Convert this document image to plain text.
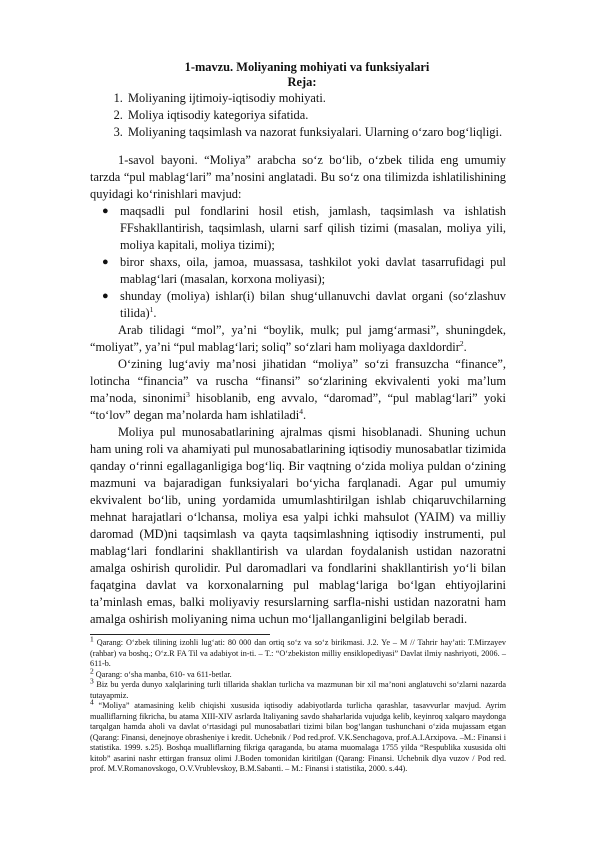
1-mavzu. Moliyaning mohiyati va funksiyalari
Reja:
1. Moliyaning ijtimoiy-iqtisodiy mohiyati.
2. Moliya iqtisodiy kategoriya sifatida.
3. Moliyaning taqsimlash va nazorat funksiyalari. Ularning o‘zaro bog‘liqligi.

1-savol bayoni. “Moliya” arabcha so‘z bo‘lib, o‘zbek tilida eng umumiy tarzda “pul mablag‘lari” ma’nosini anglatadi. Bu so‘z ona tilimizda ishlatilishining quyidagi ko‘rinishlari mavjud:

● maqsadli pul fondlarini hosil etish, jamlash, taqsimlash va ishlatish FFshakllantirish, taqsimlash, ularni sarf qilish tizimi (masalan, moliya yili, moliya kapitali, moliya tizimi);
● biror shaxs, oila, jamoa, muassasa, tashkilot yoki davlat tasarrufidagi pul mablag‘lari (masalan, korxona moliyasi);
● shunday (moliya) ishlar(i) bilan shug‘ullanuvchi davlat organi (so‘zlashuv tilida)$^1$.

Arab tilidagi “mol”, ya’ni “boylik, mulk; pul jamg‘armasi”, shuningdek, “moliyat”, ya’ni “pul mablag‘lari; soliq” so‘zlari ham moliyaga daxldordir$^2$.

O‘zining lug‘aviy ma’nosi jihatidan “moliya” so‘zi fransuzcha “finance”, lotincha “financia” va ruscha “finansi” so‘zlarining ekvivalenti yoki ma’lum ma’noda, sinonimi$^3$ hisoblanib, eng avvalo, “daromad”, “pul mablag‘lari” yoki “to‘lov” degan ma’nolarda ham ishlatiladi$^4$.

Moliya pul munosabatlarining ajralmas qismi hisoblanadi. Shuning uchun ham uning roli va ahamiyati pul munosabatlarining iqtisodiy munosabatlar tizimida qanday o‘rinni egallaganligiga bog‘liq. Bir vaqtning o‘zida moliya puldan o‘zining mazmuni va bajaradigan funksiyalari bo‘yicha farqlanadi. Agar pul umumiy ekvivalent bo‘lib, uning yordamida umumlashtirilgan ishlab chiqaruvchilarning mehnat harajatlari o‘lchansa, moliya esa yalpi ichki mahsulot (YAIM) va milliy daromad (MD)ni taqsimlash va qayta taqsimlashning iqtisodiy instrumenti, pul mablag‘lari fondlarini shakllantirish va ulardan foydalanish ustidan nazoratni amalga oshirish qurolidir. Pul daromadlari va fondlarini shakllantirish yo‘li bilan faqatgina davlat va korxonalarning pul mablag‘lariga bo‘lgan ehtiyojlarini ta’minlash emas, balki moliyaviy resurslarning sarfla-nishi ustidan nazoratni ham amalga oshirish moliyaning nima uchun mo‘ljallanganligini belgilab beradi.

$^1$ Qarang: O‘zbek tilining izohli lug‘ati: 80 000 dan ortiq so‘z va so‘z birikmasi. J.2. Ye – M // Tahrir hay’ati: T.Mirzayev (rahbar) va boshq.; O‘z.R FA Til va adabiyot in-ti. – T.: “O‘zbekiston milliy ensiklopediyasi” Davlat ilmiy nashriyoti, 2006. – 611-b.

$^2$ Qarang: o‘sha manba, 610- va 611-betlar.

$^3$ Biz bu yerda dunyo xalqlarining turli tillarida shaklan turlicha va mazmunan bir xil ma’noni anglatuvchi so‘zlarni nazarda tutayapmiz.

$^4$ “Moliya” atamasining kelib chiqishi xususida iqtisodiy adabiyotlarda turlicha qarashlar, tasavvurlar mavjud. Ayrim mualliflarning fikricha, bu atama XIII-XIV asrlarda Italiyaning savdo shaharlarida vujudga kelib, keyinroq xalqaro maydonga tarqalgan hamda aholi va davlat o‘rtasidagi pul munosabatlari tizimi bilan bog‘langan tushunchani o‘zida mujassam etgan (Qarang: Finansi, denejnoye obrasheniye i kredit. Uchebnik / Pod red.prof. V.K.Senchagova, prof.A.I.Arxipova. –M.: Finansi i statistika. 1999. s.25). Boshqa mualliflarning fikriga qaraganda, bu atama muomalaga 1755 yilda “Respublika xususida olti kitob” asarini nashr ettirgan fransuz olimi J.Boden tomonidan kiritilgan (Qarang: Finansi. Uchebnik dlya vuzov / Pod red. prof. M.V.Romanovskogo, O.V.Vrublevskoy, B.M.Sabanti. – M.: Finansi i statistika, 2000. s.44).
